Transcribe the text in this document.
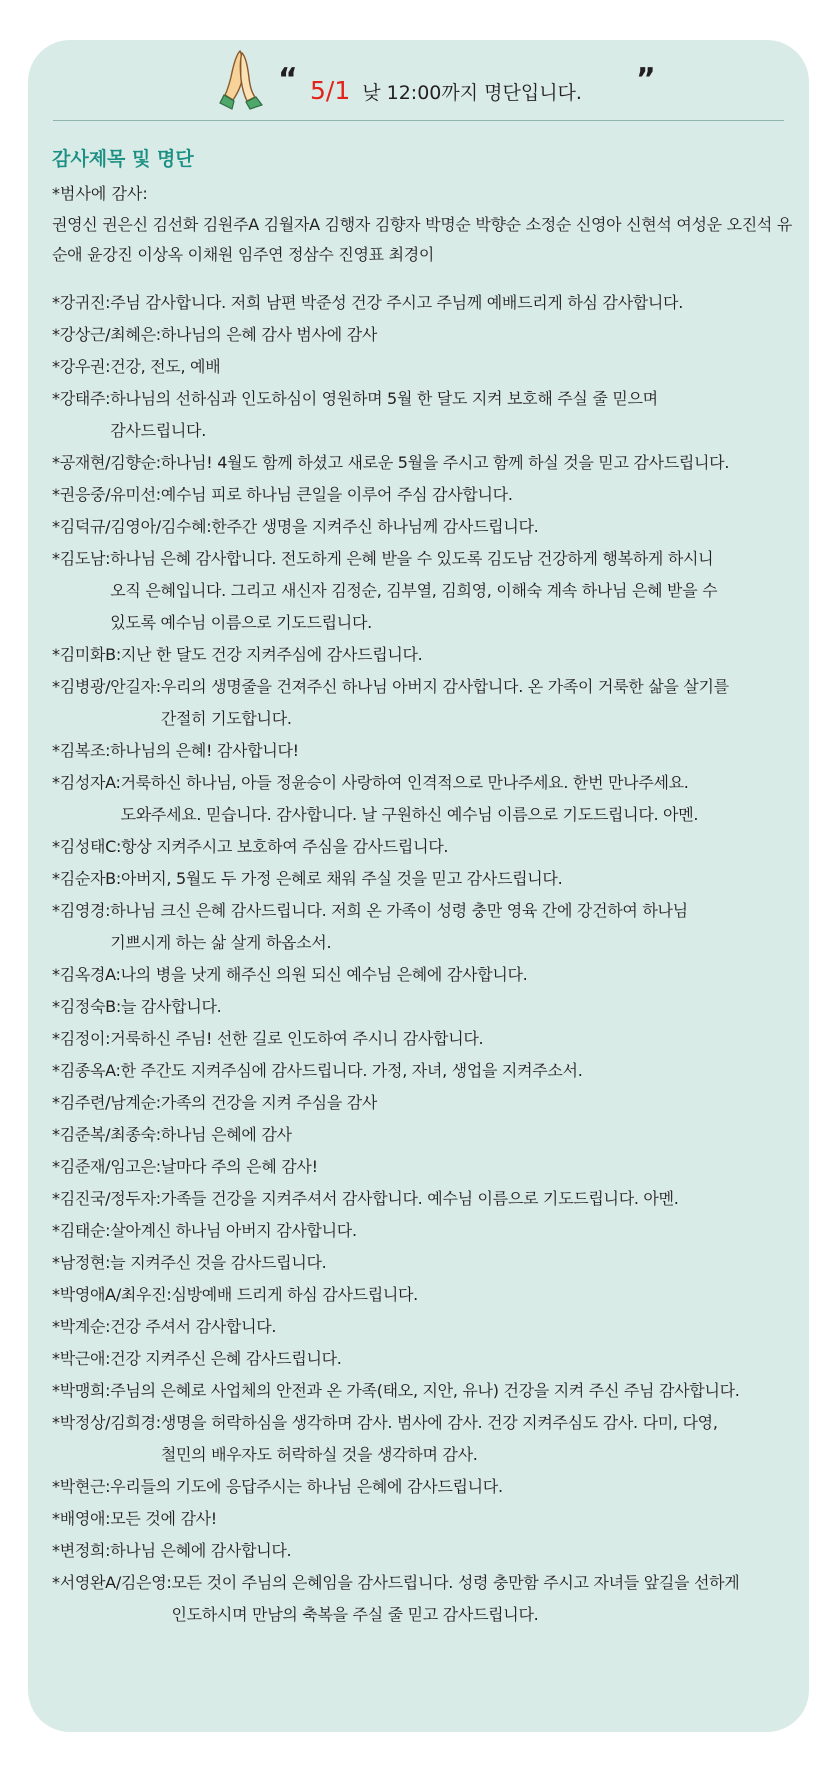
“ 5/1 낮 12:00까지 명단입니다. ”
감사제목 및 명단
*범사에 감사:
권영신 권은신 김선화 김원주A 김월자A 김행자 김향자 박명순 박향순 소정순 신영아 신현석 여성운 오진석 유순애 윤강진 이상옥 이채원 임주연 정삼수 진영표 최경이
*강귀진: 주님 감사합니다. 저희 남편 박준성 건강 주시고 주님께 예배드리게 하심 감사합니다.
*강상근/최혜은: 하나님의 은혜 감사 범사에 감사
*강우권: 건강, 전도, 예배
*강태주: 하나님의 선하심과 인도하심이 영원하며 5월 한 달도 지켜 보호해 주실 줄 믿으며
감사드립니다.
*공재현/김향순: 하나님! 4월도 함께 하셨고 새로운 5월을 주시고 함께 하실 것을 믿고 감사드립니다.
*권응중/유미선: 예수님 피로 하나님 큰일을 이루어 주심 감사합니다.
*김덕규/김영아/김수혜: 한주간 생명을 지켜주신 하나님께 감사드립니다.
*김도남: 하나님 은혜 감사합니다. 전도하게 은혜 받을 수 있도록 김도남 건강하게 행복하게 하시니
오직 은혜입니다. 그리고 새신자 김정순, 김부열, 김희영, 이해숙 계속 하나님 은혜 받을 수
있도록 예수님 이름으로 기도드립니다.
*김미화B: 지난 한 달도 건강 지켜주심에 감사드립니다.
*김병광/안길자: 우리의 생명줄을 건져주신 하나님 아버지 감사합니다. 온 가족이 거룩한 삶을 살기를
간절히 기도합니다.
*김복조: 하나님의 은혜! 감사합니다!
*김성자A: 거룩하신 하나님, 아들 정윤승이 사랑하여 인격적으로 만나주세요. 한번 만나주세요.
도와주세요. 믿습니다. 감사합니다. 날 구원하신 예수님 이름으로 기도드립니다. 아멘.
*김성태C: 항상 지켜주시고 보호하여 주심을 감사드립니다.
*김순자B: 아버지, 5월도 두 가정 은혜로 채워 주실 것을 믿고 감사드립니다.
*김영경: 하나님 크신 은혜 감사드립니다. 저희 온 가족이 성령 충만 영육 간에 강건하여 하나님
기쁘시게 하는 삶 살게 하옵소서.
*김옥경A: 나의 병을 낫게 해주신 의원 되신 예수님 은혜에 감사합니다.
*김정숙B: 늘 감사합니다.
*김정이: 거룩하신 주님! 선한 길로 인도하여 주시니 감사합니다.
*김종옥A: 한 주간도 지켜주심에 감사드립니다. 가정, 자녀, 생업을 지켜주소서.
*김주련/남계순: 가족의 건강을 지켜 주심을 감사
*김준복/최종숙: 하나님 은혜에 감사
*김준재/임고은: 날마다 주의 은혜 감사!
*김진국/정두자: 가족들 건강을 지켜주셔서 감사합니다. 예수님 이름으로 기도드립니다. 아멘.
*김태순: 살아계신 하나님 아버지 감사합니다.
*남정현: 늘 지켜주신 것을 감사드립니다.
*박영애A/최우진: 심방예배 드리게 하심 감사드립니다.
*박계순: 건강 주셔서 감사합니다.
*박근애: 건강 지켜주신 은혜 감사드립니다.
*박맹희: 주님의 은혜로 사업체의 안전과 온 가족(태오, 지안, 유나) 건강을 지켜 주신 주님 감사합니다.
*박정상/김희경: 생명을 허락하심을 생각하며 감사. 범사에 감사. 건강 지켜주심도 감사. 다미, 다영,
철민의 배우자도 허락하실 것을 생각하며 감사.
*박현근: 우리들의 기도에 응답주시는 하나님 은혜에 감사드립니다.
*배영애: 모든 것에 감사!
*변정희: 하나님 은혜에 감사합니다.
*서영완A/김은영: 모든 것이 주님의 은혜임을 감사드립니다. 성령 충만함 주시고 자녀들 앞길을 선하게
인도하시며 만남의 축복을 주실 줄 믿고 감사드립니다.
